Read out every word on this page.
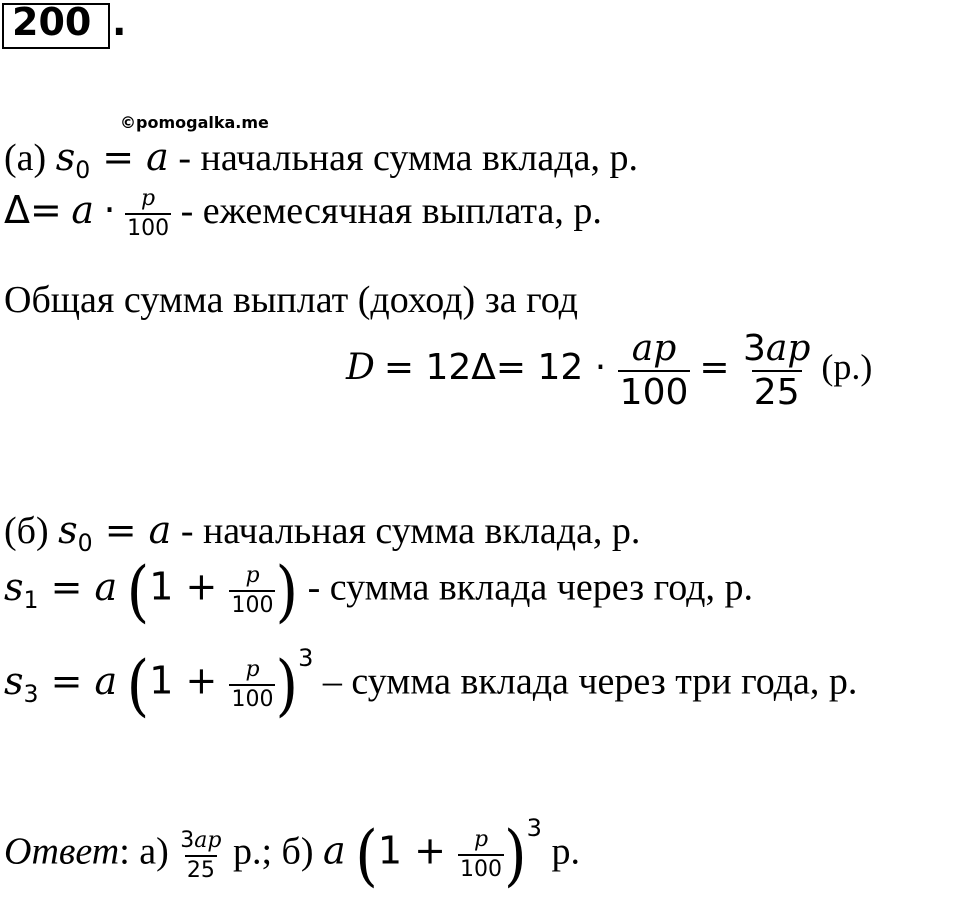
200 .
©pomogalka.me
(а) $s_0 = a$ - начальная сумма вклада, р.
$\Delta= a \cdot \frac{p}{100}$ - ежемесячная выплата, р.
Общая сумма выплат (доход) за год
$D = 12\Delta= 12 \cdot \frac{ap}{100} = \frac{3ap}{25} (р.)$
(б) $s_0 = a$ - начальная сумма вклада, р.
$s_1 = a$ ($1 + \frac{p}{100}$ ) - сумма вклада через год, р.
$s_3 = a$ $(1 + \frac{p}{100} )^3$ – сумма вклада через три года, р.
Ответ: $а) \frac{3ap}{25} р$.; б) a $(1 + \frac{p}{100} )^3$ р.
